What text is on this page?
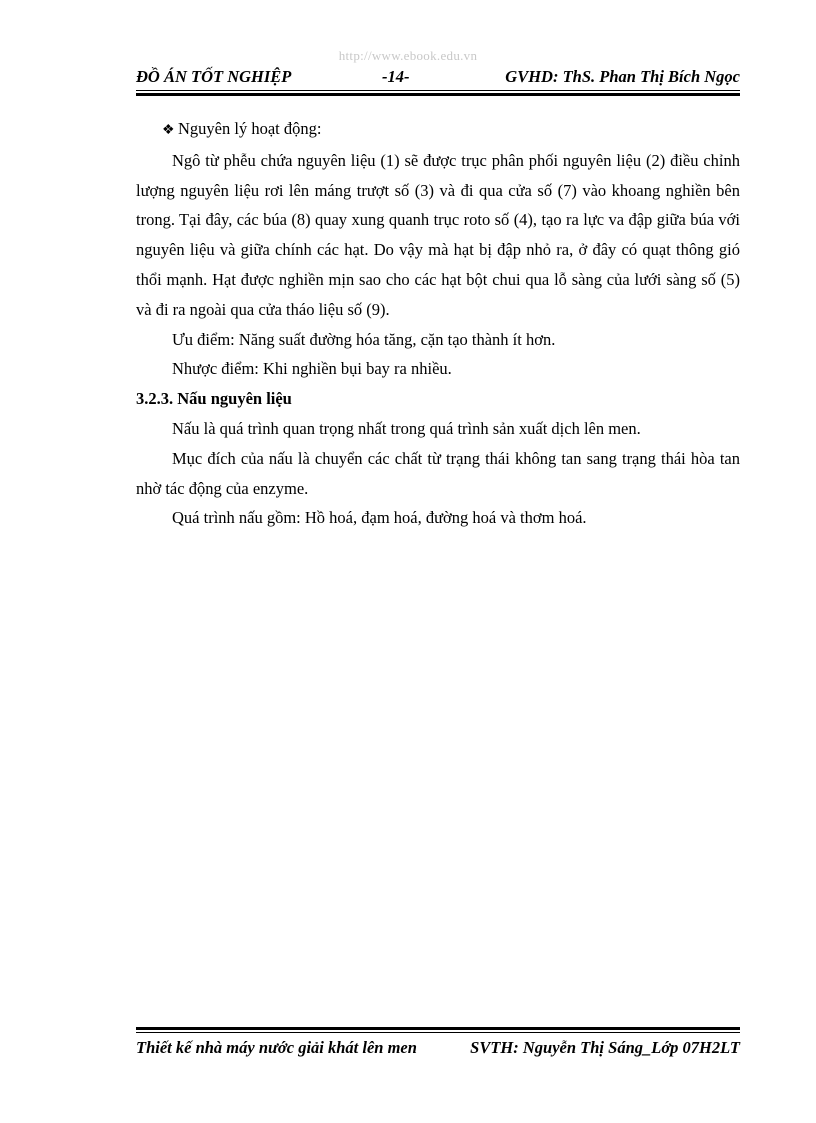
http://www.ebook.edu.vn
ĐỒ ÁN TỐT NGHIỆP	-14-	GVHD: ThS. Phan Thị Bích Ngọc

❖ Nguyên lý hoạt động:

Ngô từ phễu chứa nguyên liệu (1) sẽ được trục phân phối nguyên liệu (2) điều chỉnh lượng nguyên liệu rơi lên máng trượt số (3) và đi qua cửa số (7) vào khoang nghiền bên trong. Tại đây, các búa (8) quay xung quanh trục roto số (4), tạo ra lực va đập giữa búa với nguyên liệu và giữa chính các hạt. Do vậy mà hạt bị đập nhỏ ra, ở đây có quạt thông gió thổi mạnh. Hạt được nghiền mịn sao cho các hạt bột chui qua lỗ sàng của lưới sàng số (5) và đi ra ngoài qua cửa tháo liệu số (9).

Ưu điểm: Năng suất đường hóa tăng, cặn tạo thành ít hơn.

Nhược điểm: Khi nghiền bụi bay ra nhiều.

3.2.3. Nấu nguyên liệu

Nấu là quá trình quan trọng nhất trong quá trình sản xuất dịch lên men.

Mục đích của nấu là chuyển các chất từ trạng thái không tan sang trạng thái hòa tan nhờ tác động của enzyme.

Quá trình nấu gồm: Hồ hoá, đạm hoá, đường hoá và thơm hoá.

Thiết kế nhà máy nước giải khát lên men	SVTH: Nguyễn Thị Sáng_Lớp 07H2LT
